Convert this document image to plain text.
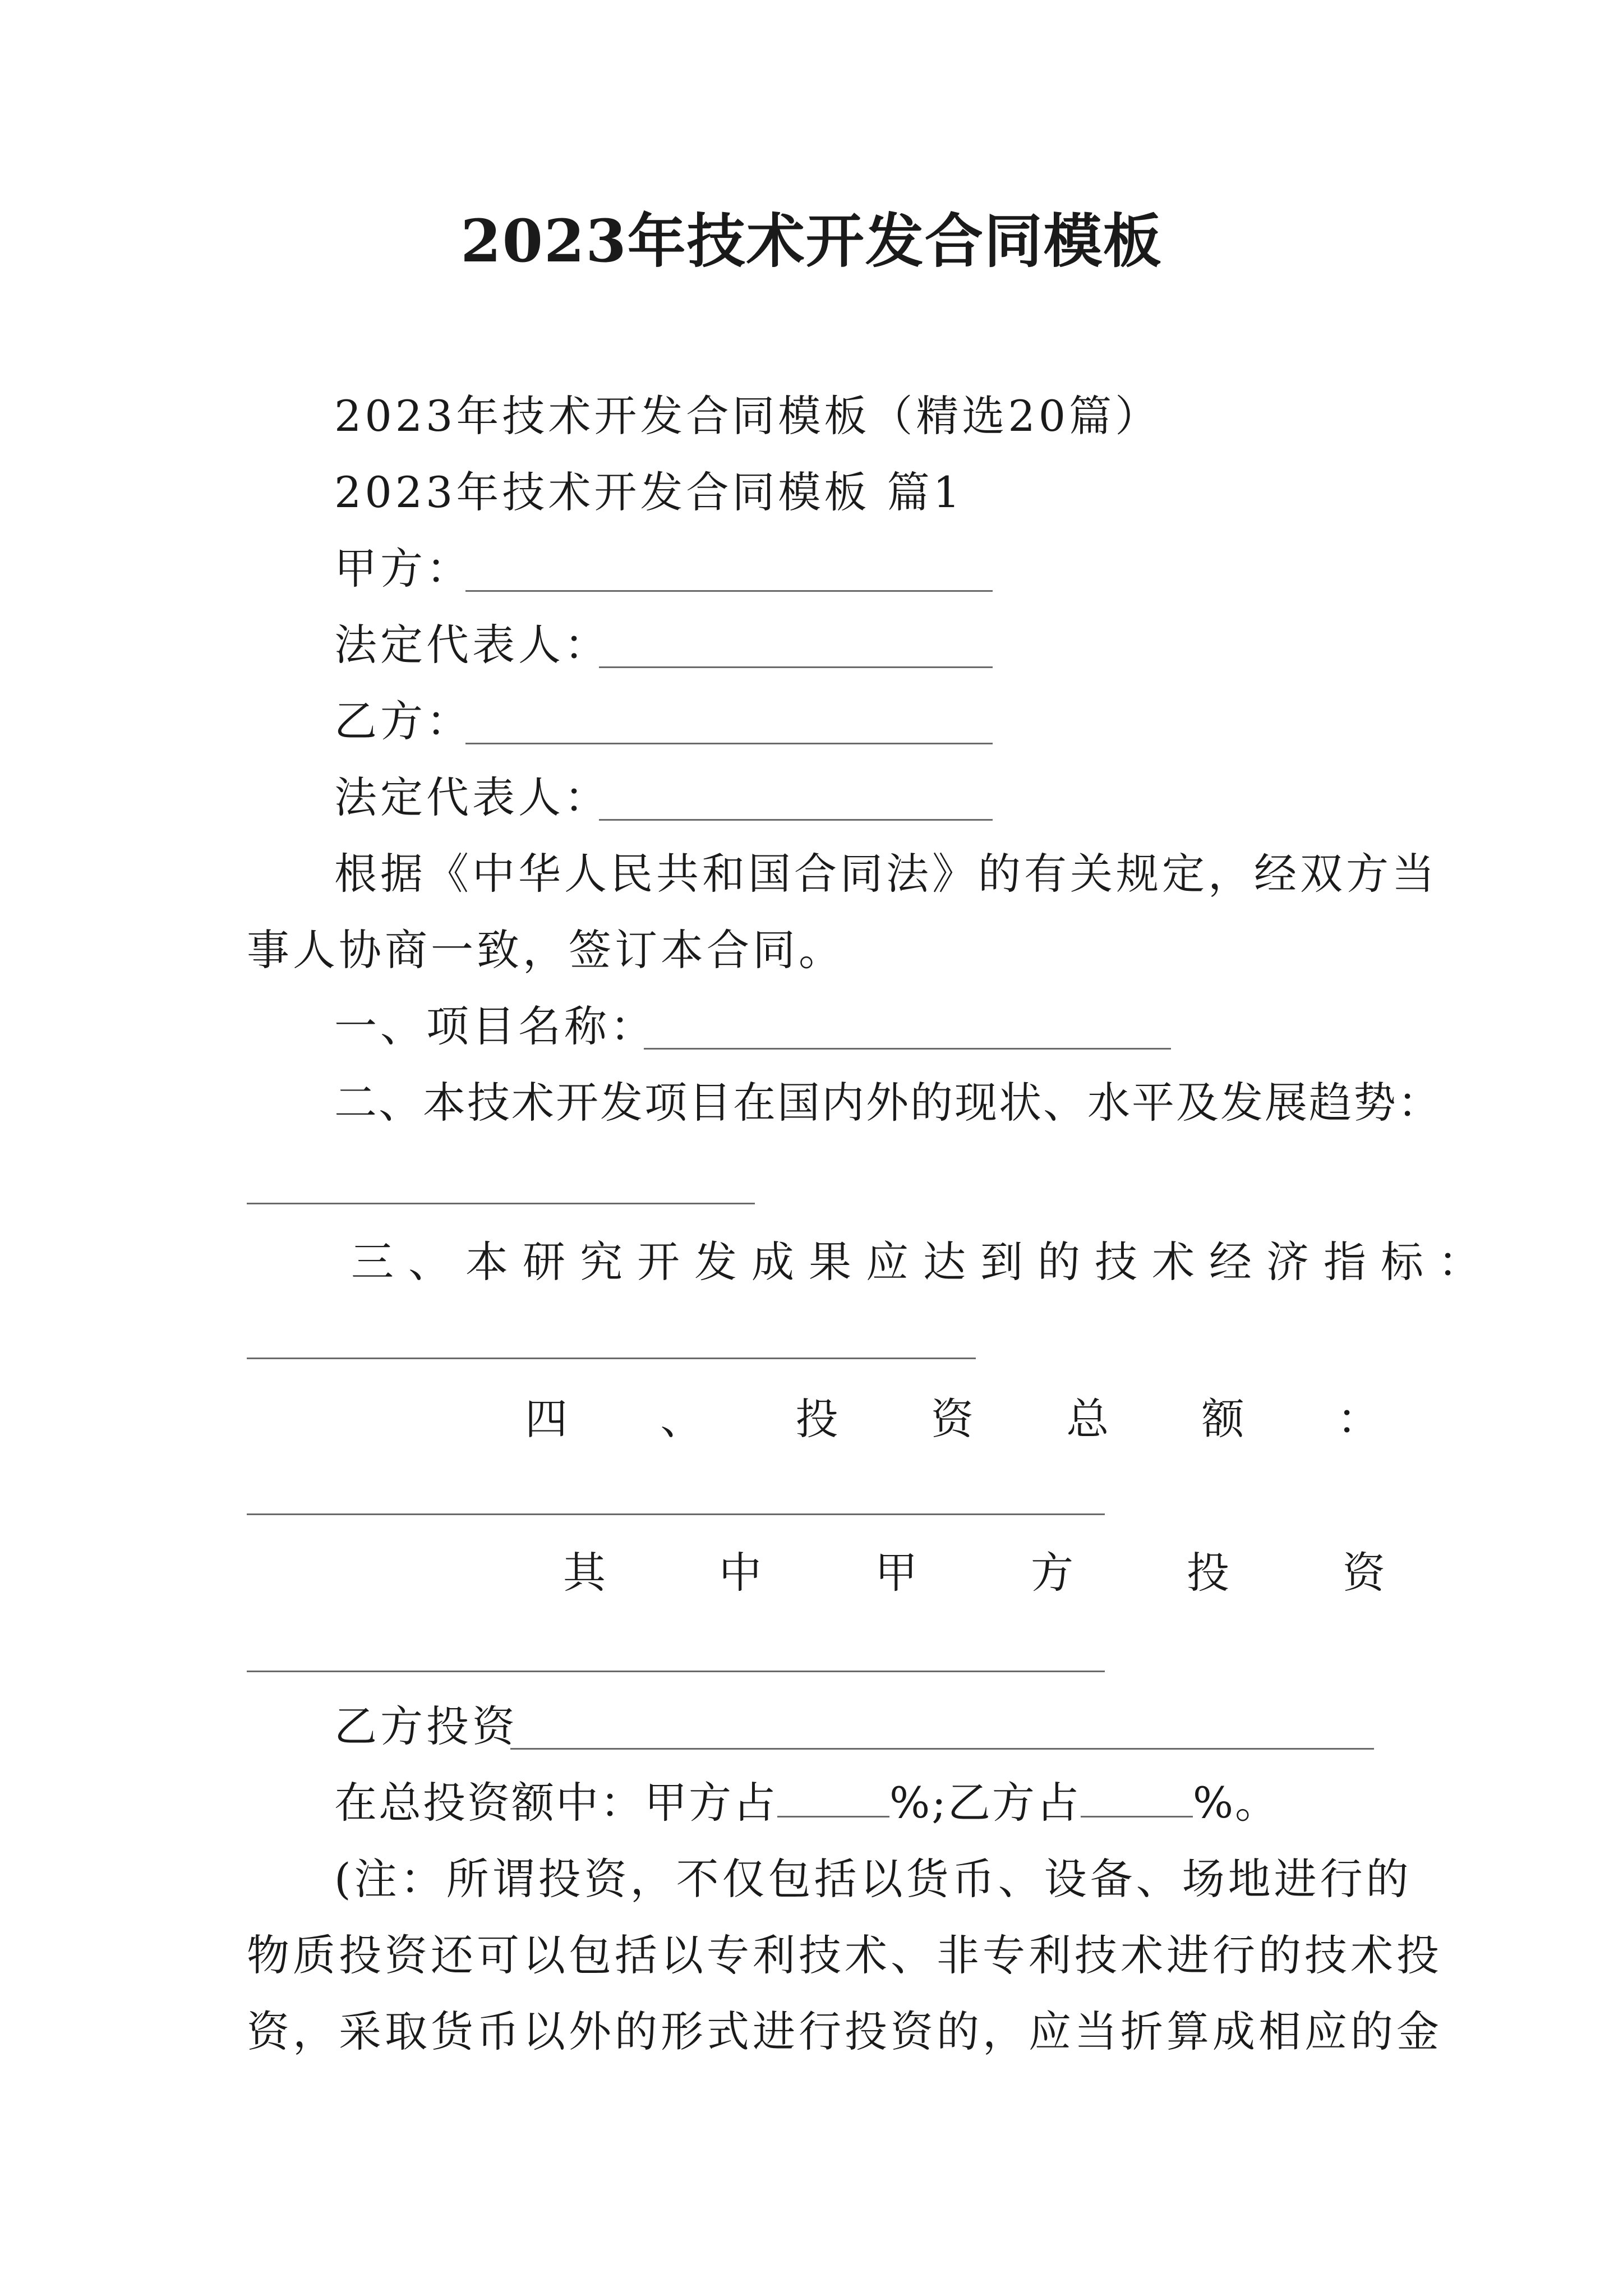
2023年技术开发合同模板
2023年技术开发合同模板（精选20篇）
2023年技术开发合同模板 篇1
甲方：
法定代表人：
乙方：
法定代表人：
根据《中华人民共和国合同法》的有关规定，经双方当
事人协商一致，签订本合同。
一、项目名称：
二、本技术开发项目在国内外的现状、水平及发展趋势：
三、本研究开发成果应达到的技术经济指标：
四 、 投 资 总 额 ：
其	中	甲	方	投	资
乙方投资
在总投资额中：甲方占	%;乙方占	%。
(注：所谓投资，不仅包括以货币、设备、场地进行的
物质投资还可以包括以专利技术、非专利技术进行的技术投
资，采取货币以外的形式进行投资的，应当折算成相应的金
